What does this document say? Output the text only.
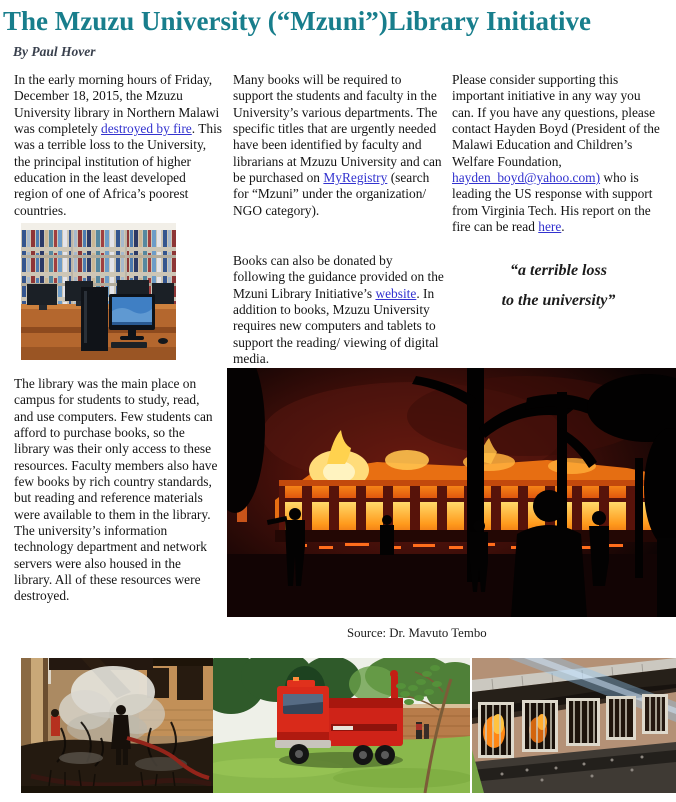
The Mzuzu University (“Mzuni”)Library Initiative
By Paul Hover

In the early morning hours of Friday, December 18, 2015, the Mzuzu University library in Northern Malawi was completely destroyed by fire. This was a terrible loss to the University, the principal institution of higher education in the least developed region of one of Africa’s poorest countries.

The library was the main place on campus for students to study, read, and use computers. Few students can afford to purchase books, so the library was their only access to these resources. Faculty members also have few books by rich country standards, but reading and reference materials were available to them in the library. The university’s information technology department and network servers were also housed in the library. All of these resources were destroyed.

Many books will be required to support the students and faculty in the University’s various departments. The specific titles that are urgently needed have been identified by faculty and librarians at Mzuzu University and can be purchased on MyRegistry (search for “Mzuni” under the organization/ NGO category).

Books can also be donated by following the guidance provided on the Mzuni Library Initiative’s website. In addition to books, Mzuzu University requires new computers and tablets to support the reading/ viewing of digital media.

Please consider supporting this important initiative in any way you can. If you have any questions, please contact Hayden Boyd (President of the Malawi Education and Children’s Welfare Foundation, hayden_boyd@yahoo.com) who is leading the US response with support from Virginia Tech. His report on the fire can be read here.

“a terrible loss
to the university”
Source: Dr. Mavuto Tembo
